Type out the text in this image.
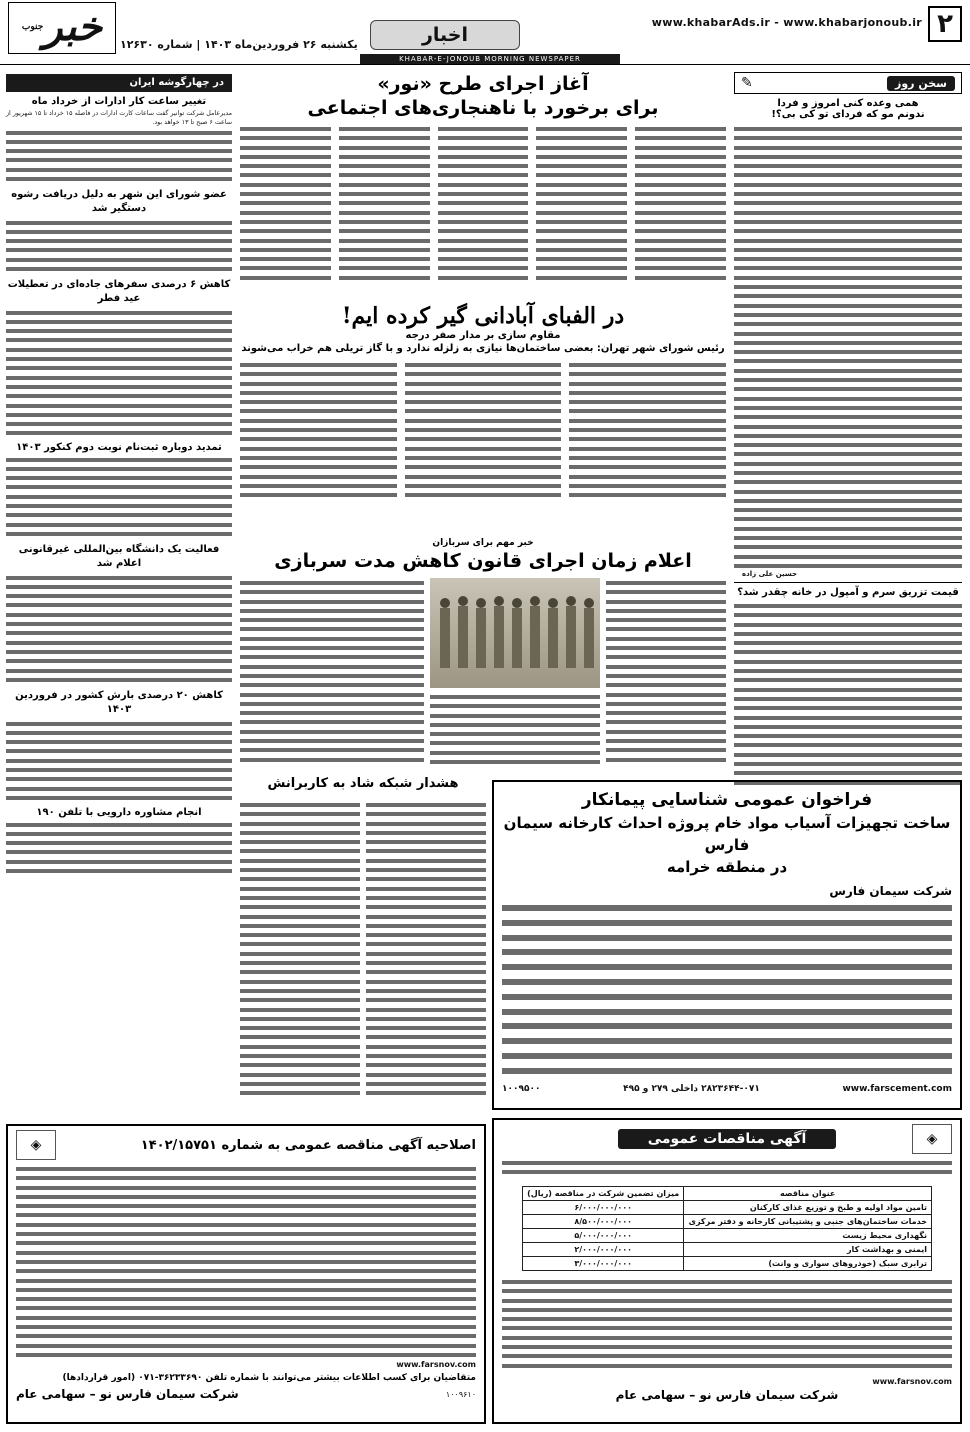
۲
www.khabarAds.ir - www.khabarjonoub.ir
اخبار
یکشنبه ۲۶ فروردین‌ماه ۱۴۰۳ | شماره ۱۲۶۳۰
خبر$^{جنوب}$
KHABAR-E-JONOUB MORNING NEWSPAPER
در چهارگوشه ایران
تغییر ساعت کار ادارات از خرداد ماه
مدیرعامل شرکت توانیر گفت ساعات کارت ادارات در فاصله ۱۵ خرداد تا ۱۵ شهریور از ساعت ۶ صبح تا ۱۳ خواهد بود.
عضو شورای این شهر به دلیل دریافت رشوه دستگیر شد
کاهش ۶ درصدی سفرهای جاده‌ای در تعطیلات عید فطر
تمدید دوباره ثبت‌نام نوبت دوم کنکور ۱۴۰۳
فعالیت یک دانشگاه بین‌المللی غیرقانونی اعلام شد
کاهش ۲۰ درصدی بارش کشور در فروردین ۱۴۰۳
انجام مشاوره دارویی با تلفن ۱۹۰
سخن روز
✎
همی وعده کنی امروز و فردا
ندونم مو که فردای تو کی بی؟!
حسین علی زاده
قیمت تزریق سرم و آمپول در خانه چقدر شد؟
آغاز اجرای طرح «نور»
برای برخورد با ناهنجاری‌های اجتماعی
در الفبای آبادانی گیر کرده ایم!
مقاوم سازی بر مدار صفر درجه
رئیس شورای شهر تهران: بعضی ساختمان‌ها نیازی به زلزله ندارد و با گاز تریلی هم خراب می‌شوند
خبر مهم برای سربازان
اعلام زمان اجرای قانون کاهش مدت سربازی
هشدار شبکه شاد به کاربرانش
فراخوان عمومی شناسایی پیمانکار
ساخت تجهیزات آسیاب مواد خام پروژه احداث کارخانه سیمان فارس
در منطقه خرامه
شرکت سیمان فارس
www.farscement.com
۲۸۲۳۶۴۴-۰۷۱ داخلی ۲۷۹ و ۴۹۵
۱۰۰۹۵۰۰
◈
آگهی مناقصات عمومی
عنوان مناقصه	میزان تضمین شرکت در مناقصه (ریال)
تامین مواد اولیه و طبخ و توزیع غذای کارکنان	۶/۰۰۰/۰۰۰/۰۰۰
خدمات ساختمان‌های جنبی و پشتیبانی کارخانه و دفتر مرکزی	۸/۵۰۰/۰۰۰/۰۰۰
نگهداری محیط زیست	۵/۰۰۰/۰۰۰/۰۰۰
ایمنی و بهداشت کار	۲/۰۰۰/۰۰۰/۰۰۰
ترابری سبک (خودروهای سواری و وانت)	۳/۰۰۰/۰۰۰/۰۰۰
www.farsnov.com
شرکت سیمان فارس نو – سهامی عام
اصلاحیه آگهی مناقصه عمومی به شماره ۱۴۰۲/۱۵۷۵۱
◈
www.farsnov.com
متقاضیان برای کسب اطلاعات بیشتر می‌توانند با شماره تلفن ۳۶۲۳۳۶۹۰-۰۷۱ (امور قراردادها)
۱۰۰۹۶۱۰
شرکت سیمان فارس نو – سهامی عام
